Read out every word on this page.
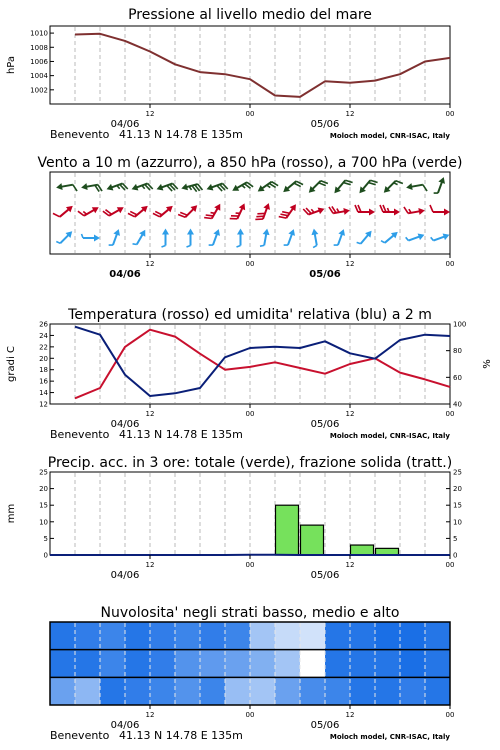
Pressione al livello medio del mare
1002
1004
1006
1008
1010
hPa
12	00	12	00
04/06	05/06
Benevento 41.13 N 14.78 E 135m	Moloch model, CNR-ISAC, Italy
Vento a 10 m (azzurro), a 850 hPa (rosso), a 700 hPa (verde)
12	00	12	00
04/06	05/06
Temperatura (rosso) ed umidita' relativa (blu) a 2 m
12
14
16
18
20
22
24
26
40
60
80
100
gradi C	%
12	00	12	00
04/06	05/06
Benevento 41.13 N 14.78 E 135m	Moloch model, CNR-ISAC, Italy
Precip. acc. in 3 ore: totale (verde), frazione solida (tratt.)
0
5
10
15
20
25
0
5
10
15
20
25
mm
12	00	12	00
04/06	05/06
Nuvolosita' negli strati basso, medio e alto
12	00	12	00
04/06	05/06
Benevento 41.13 N 14.78 E 135m	Moloch model, CNR-ISAC, Italy
